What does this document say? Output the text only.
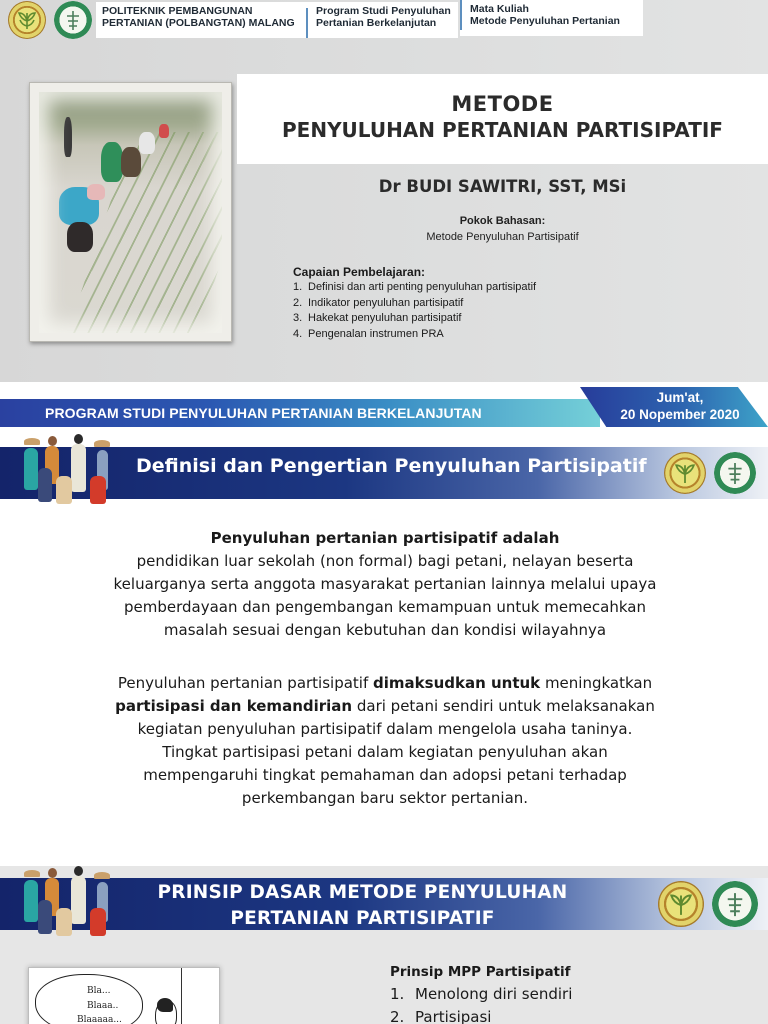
POLITEKNIK PEMBANGUNAN
PERTANIAN (POLBANGTAN) MALANG
Program Studi Penyuluhan
Pertanian Berkelanjutan
Mata Kuliah
Metode Penyuluhan Pertanian
METODE
PENYULUHAN PERTANIAN PARTISIPATIF
Dr BUDI SAWITRI, SST, MSi
Pokok Bahasan:
Metode Penyuluhan Partisipatif
Capaian Pembelajaran:
1. Definisi dan arti penting penyuluhan partisipatif
2. Indikator penyuluhan partisipatif
3. Hakekat penyuluhan partisipatif
4. Pengenalan instrumen PRA
PROGRAM STUDI PENYULUHAN PERTANIAN BERKELANJUTAN
Jum'at,
20 Nopember 2020
Definisi dan Pengertian Penyuluhan Partisipatif
Penyuluhan pertanian partisipatif adalah
pendidikan luar sekolah (non formal) bagi petani, nelayan beserta
keluarganya serta anggota masyarakat pertanian lainnya melalui upaya
pemberdayaan dan pengembangan kemampuan untuk memecahkan
masalah sesuai dengan kebutuhan dan kondisi wilayahnya
Penyuluhan pertanian partisipatif dimaksudkan untuk meningkatkan
partisipasi dan kemandirian dari petani sendiri untuk melaksanakan
kegiatan penyuluhan partisipatif dalam mengelola usaha taninya.
Tingkat partisipasi petani dalam kegiatan penyuluhan akan
mempengaruhi tingkat pemahaman dan adopsi petani terhadap
perkembangan baru sektor pertanian.
PRINSIP DASAR METODE PENYULUHAN
PERTANIAN PARTISIPATIF
Bla...
Blaaa..
Blaaaaa...
Prinsip MPP Partisipatif
1. Menolong diri sendiri
2. Partisipasi
